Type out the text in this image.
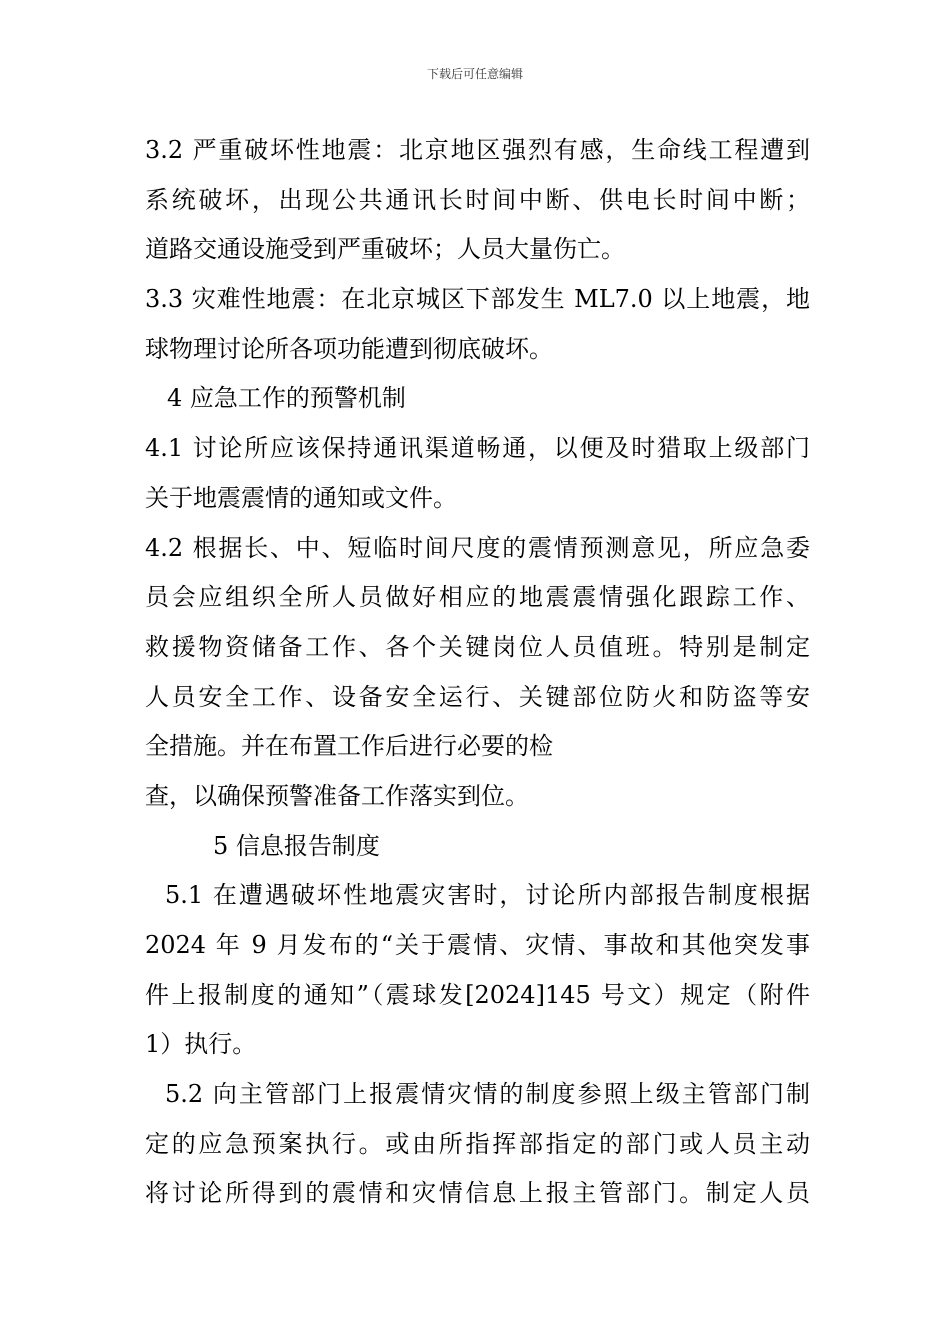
下载后可任意编辑
3.2 严重破坏性地震：北京地区强烈有感，生命线工程遭到
系统破坏，出现公共通讯长时间中断、供电长时间中断；
道路交通设施受到严重破坏；人员大量伤亡。
3.3 灾难性地震：在北京城区下部发生 ML7.0 以上地震，地
球物理讨论所各项功能遭到彻底破坏。
4 应急工作的预警机制
4.1 讨论所应该保持通讯渠道畅通，以便及时猎取上级部门
关于地震震情的通知或文件。
4.2 根据长、中、短临时间尺度的震情预测意见，所应急委
员会应组织全所人员做好相应的地震震情强化跟踪工作、
救援物资储备工作、各个关键岗位人员值班。特别是制定
人员安全工作、设备安全运行、关键部位防火和防盗等安
全措施。并在布置工作后进行必要的检
查，以确保预警准备工作落实到位。
5 信息报告制度
5.1 在遭遇破坏性地震灾害时，讨论所内部报告制度根据
2024 年 9 月发布的“关于震情、灾情、事故和其他突发事
件上报制度的通知”（震球发[2024]145 号文）规定（附件
1）执行。
5.2 向主管部门上报震情灾情的制度参照上级主管部门制
定的应急预案执行。或由所指挥部指定的部门或人员主动
将讨论所得到的震情和灾情信息上报主管部门。制定人员
